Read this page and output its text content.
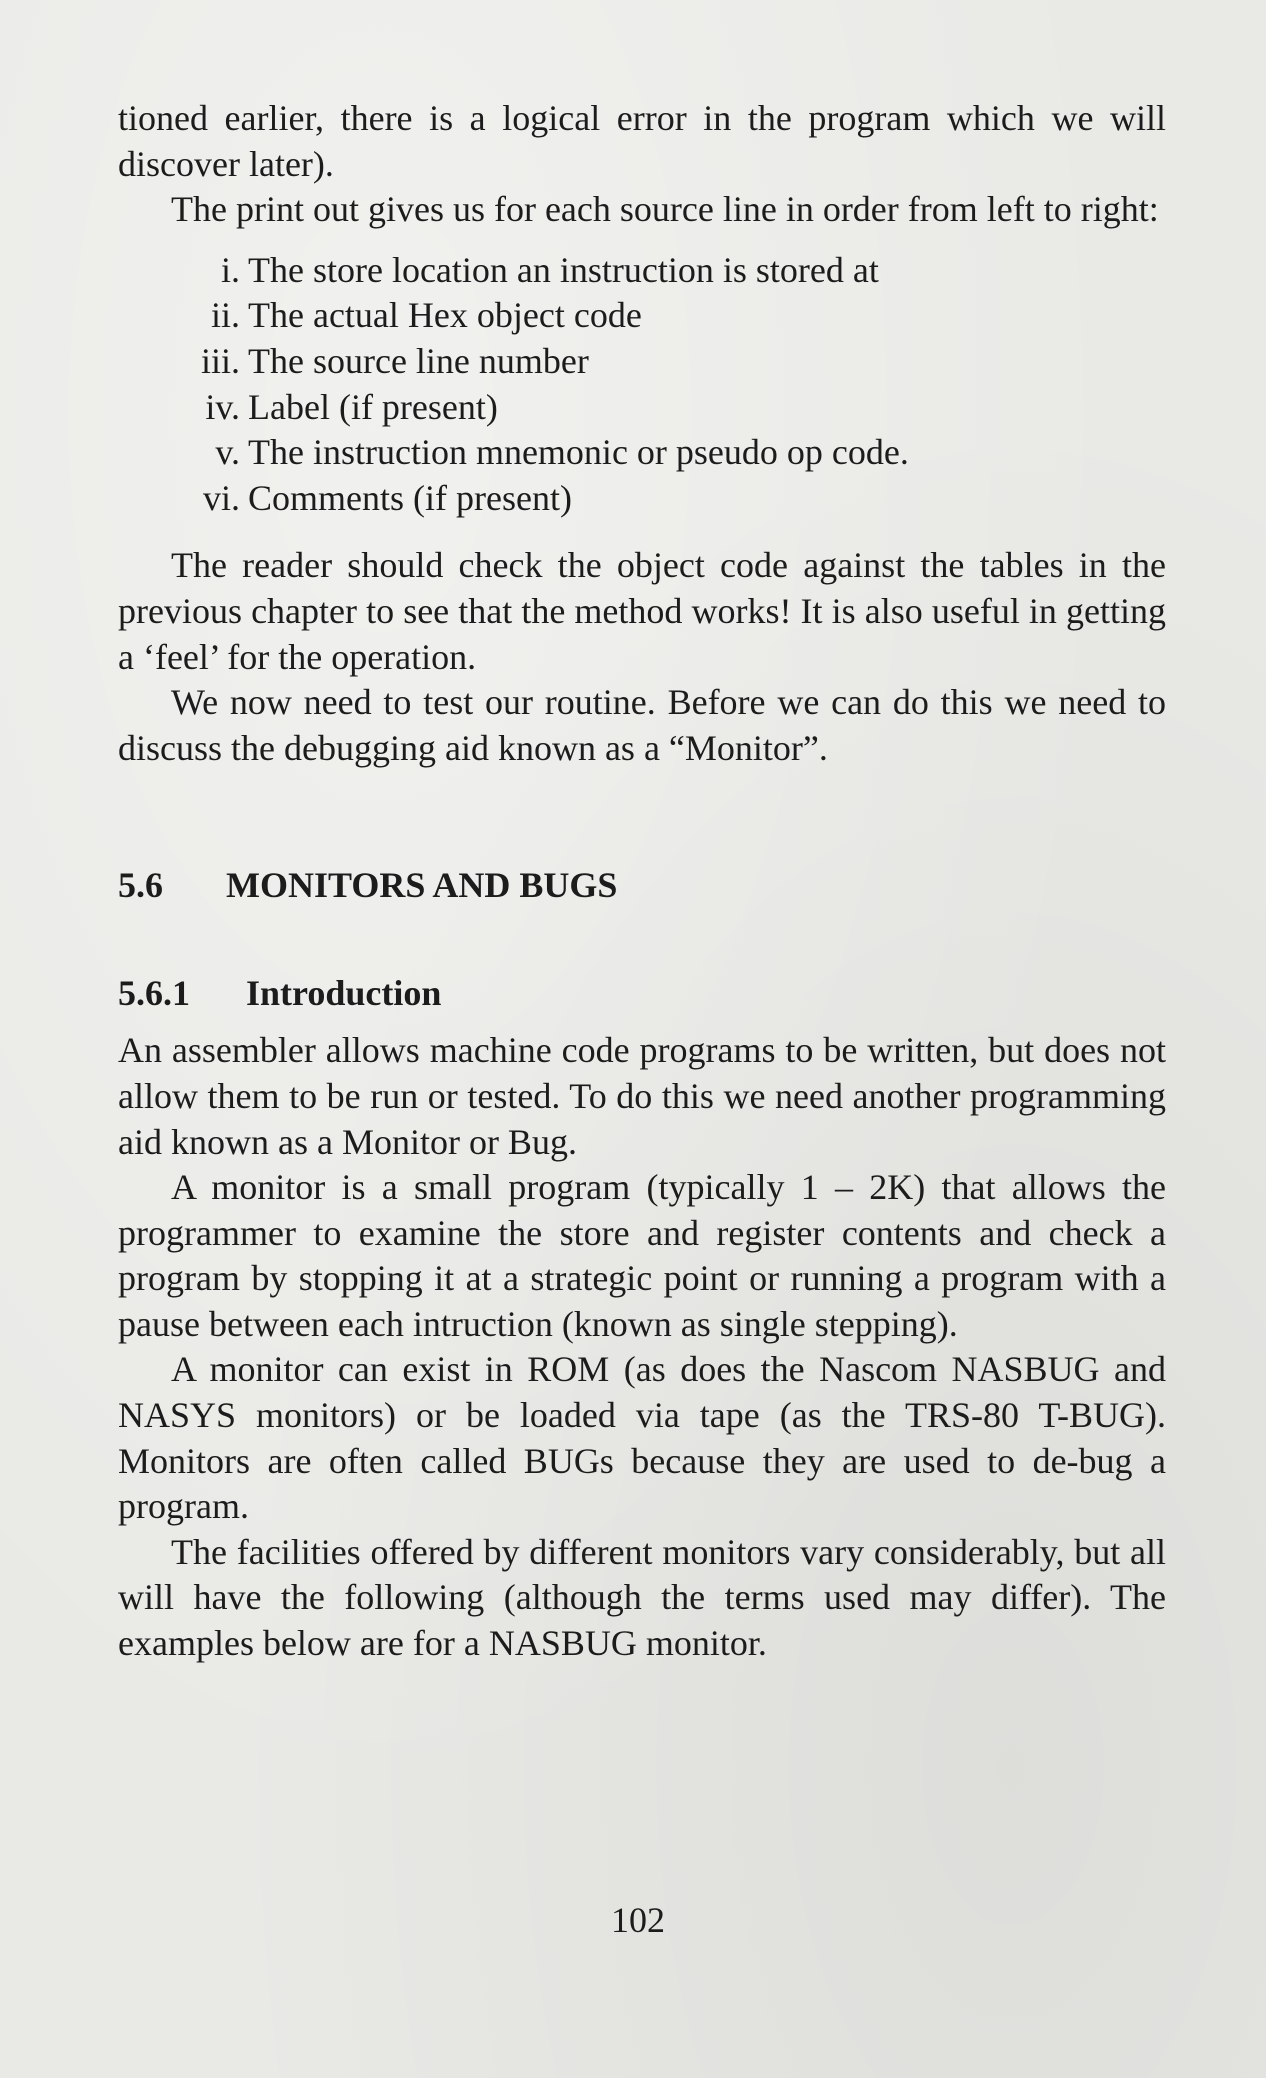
tioned earlier, there is a logical error in the program which we will discover later).

The print out gives us for each source line in order from left to right:

i. The store location an instruction is stored at
ii. The actual Hex object code
iii. The source line number
iv. Label (if present)
v. The instruction mnemonic or pseudo op code.
vi. Comments (if present)

The reader should check the object code against the tables in the previous chapter to see that the method works! It is also useful in getting a ‘feel’ for the operation.

We now need to test our routine. Before we can do this we need to discuss the debugging aid known as a “Monitor”.

5.6	MONITORS AND BUGS
5.6.1	Introduction

An assembler allows machine code programs to be written, but does not allow them to be run or tested. To do this we need another programming aid known as a Monitor or Bug.

A monitor is a small program (typically 1 – 2K) that allows the programmer to examine the store and register contents and check a program by stopping it at a strategic point or running a program with a pause between each intruction (known as single stepping).

A monitor can exist in ROM (as does the Nascom NASBUG and NASYS monitors) or be loaded via tape (as the TRS-80 T-BUG). Monitors are often called BUGs because they are used to de-bug a program.

The facilities offered by different monitors vary considerably, but all will have the following (although the terms used may differ). The examples below are for a NASBUG monitor.

102
